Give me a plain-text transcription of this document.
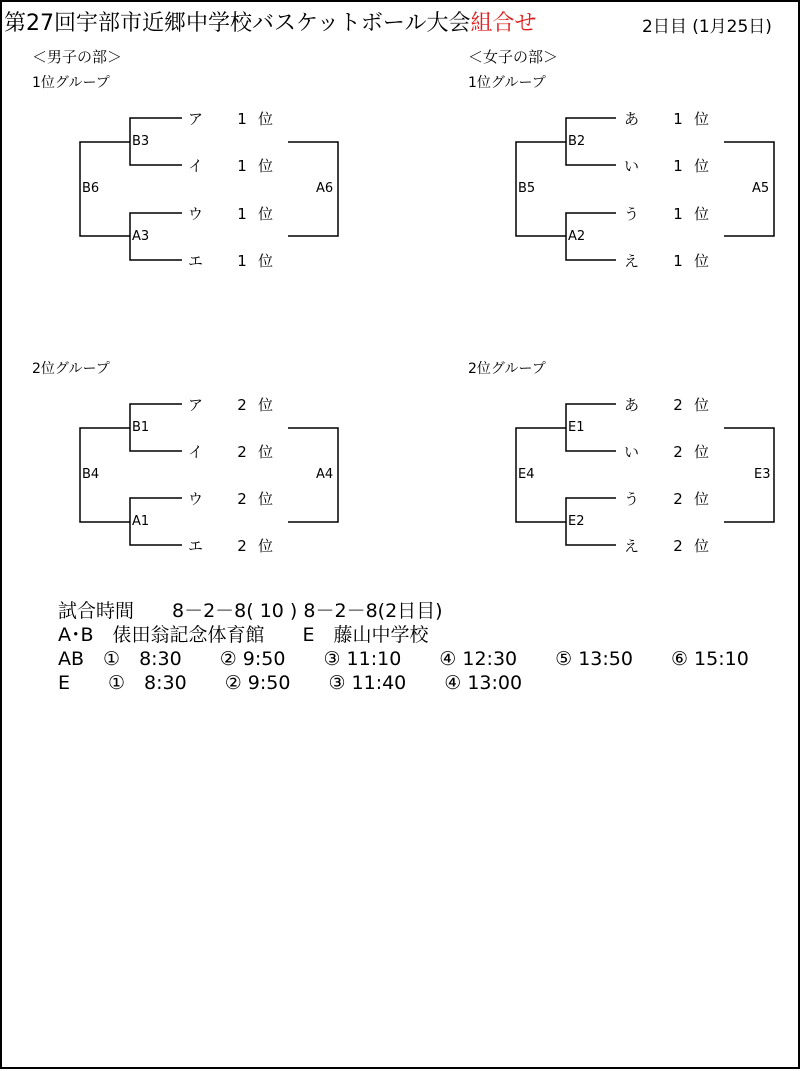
第27回宇部市近郷中学校バスケットボール大会組合せ	2日目 (1月25日)
＜男子の部＞	＜女子の部＞
1位グループ	1位グループ
2位グループ	2位グループ
ア 1 位
イ 1 位
ウ 1 位
エ 1 位
あ 1 位
い 1 位
う 1 位
え 1 位
ア 2 位
イ 2 位
ウ 2 位
エ 2 位
あ 2 位
い 2 位
う 2 位
え 2 位
B3
A3
B6	A6
B2
A2
B5	A5
B1
A1
B4	A4
E1
E2
E4	E3
試合時間　　8－2－8( 10 ) 8－2－8(2日目)
A･B　俵田翁記念体育館　　E　藤山中学校
AB　①　8:30　　② 9:50　　③ 11:10　　④ 12:30　　⑤ 13:50　　⑥ 15:10
E　　①　8:30　　② 9:50　　③ 11:40　　④ 13:00
